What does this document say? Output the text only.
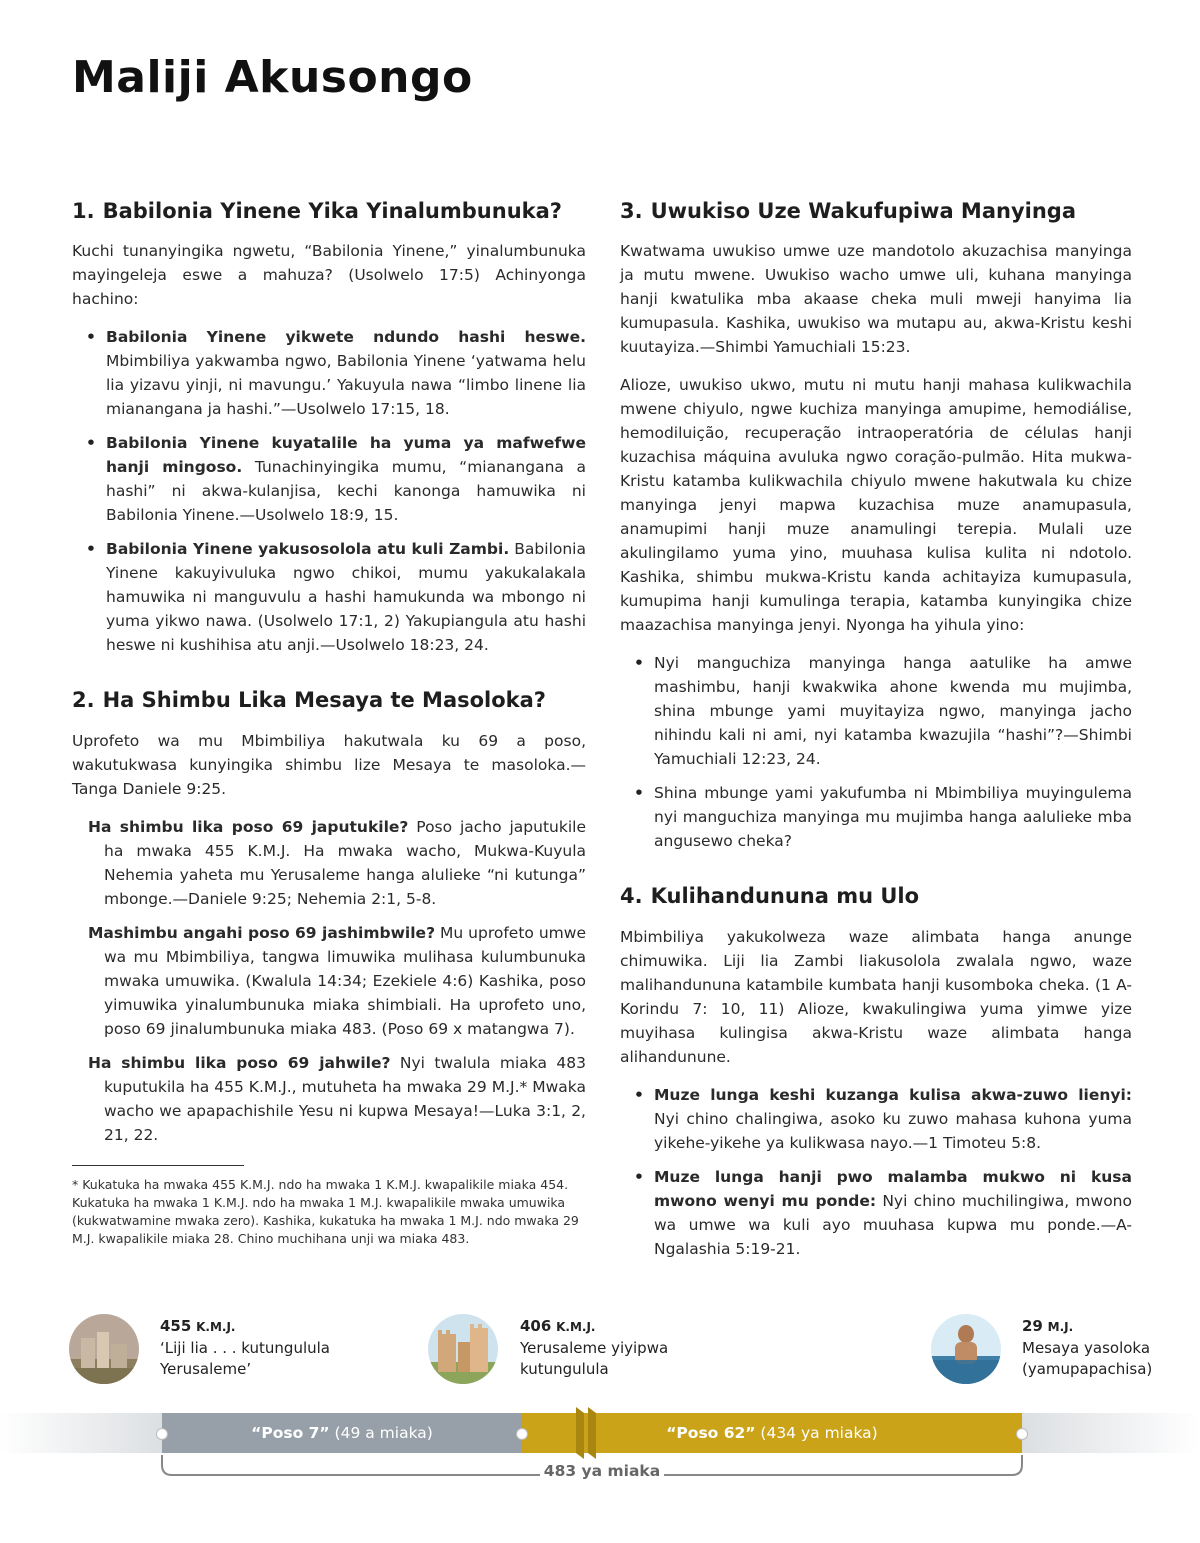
Maliji Akusongo
1. Babilonia Yinene Yika Yinalumbunuka?

Kuchi tunanyingika ngwetu, “Babilonia Yinene,” yinalumbunuka mayingeleja eswe a mahuza? (Usolwelo 17:5) Achinyonga hachino:

• Babilonia Yinene yikwete ndundo hashi heswe. Mbimbiliya yakwamba ngwo, Babilonia Yinene ‘yatwama helu lia yizavu yinji, ni mavungu.’ Yakuyula nawa “limbo linene lia mianangana ja hashi.”—Usolwelo 17:15, 18.
• Babilonia Yinene kuyatalile ha yuma ya mafwefwe hanji mingoso. Tunachinyingika mumu, “mianangana a hashi” ni akwa-kulanjisa, kechi kanonga hamuwika ni Babilonia Yinene.—Usolwelo 18:9, 15.
• Babilonia Yinene yakusosolola atu kuli Zambi. Babilonia Yinene kakuyivuluka ngwo chikoi, mumu yakukalakala hamuwika ni manguvulu a hashi hamukunda wa mbongo ni yuma yikwo nawa. (Usolwelo 17:1, 2) Yakupiangula atu hashi heswe ni kushihisa atu anji.—Usolwelo 18:23, 24.
2. Ha Shimbu Lika Mesaya te Masoloka?

Uprofeto wa mu Mbimbiliya hakutwala ku 69 a poso, wakutukwasa kunyingika shimbu lize Mesaya te masoloka.—Tanga Daniele 9:25.

Ha shimbu lika poso 69 japutukile? Poso jacho japutukile ha mwaka 455 K.M.J. Ha mwaka wacho, Mukwa-Kuyula Nehemia yaheta mu Yerusaleme hanga alulieke “ni kutunga” mbonge.—Daniele 9:25; Nehemia 2:1, 5-8.

Mashimbu angahi poso 69 jashimbwile? Mu uprofeto umwe wa mu Mbimbiliya, tangwa limuwika mulihasa kulumbunuka mwaka umuwika. (Kwalula 14:34; Ezekiele 4:6) Kashika, poso yimuwika yinalumbunuka miaka shimbiali. Ha uprofeto uno, poso 69 jinalumbunuka miaka 483. (Poso 69 x matangwa 7).

Ha shimbu lika poso 69 jahwile? Nyi twalula miaka 483 kuputukila ha 455 K.M.J., mutuheta ha mwaka 29 M.J.* Mwaka wacho we apapachishile Yesu ni kupwa Mesaya!—Luka 3:1, 2, 21, 22.

* Kukatuka ha mwaka 455 K.M.J. ndo ha mwaka 1 K.M.J. kwapalikile miaka 454. Kukatuka ha mwaka 1 K.M.J. ndo ha mwaka 1 M.J. kwapalikile mwaka umuwika (kukwatwamine mwaka zero). Kashika, kukatuka ha mwaka 1 M.J. ndo mwaka 29 M.J. kwapalikile miaka 28. Chino muchihana unji wa miaka 483.

3. Uwukiso Uze Wakufupiwa Manyinga

Kwatwama uwukiso umwe uze mandotolo akuzachisa manyinga ja mutu mwene. Uwukiso wacho umwe uli, kuhana manyinga hanji kwatulika mba akaase cheka muli mweji hanyima lia kumupasula. Kashika, uwukiso wa mutapu au, akwa-Kristu keshi kuutayiza.—Shimbi Yamuchiali 15:23.

Alioze, uwukiso ukwo, mutu ni mutu hanji mahasa kulikwachila mwene chiyulo, ngwe kuchiza manyinga amupime, hemodiálise, hemodiluição, recuperação intraoperatória de células hanji kuzachisa máquina avuluka ngwo coração-pulmão. Hita mukwa-Kristu katamba kulikwachila chiyulo mwene hakutwala ku chize manyinga jenyi mapwa kuzachisa muze anamupasula, anamupimi hanji muze anamulingi terepia. Mulali uze akulingilamo yuma yino, muuhasa kulisa kulita ni ndotolo. Kashika, shimbu mukwa-Kristu kanda achitayiza kumupasula, kumupima hanji kumulinga terapia, katamba kunyingika chize maazachisa manyinga jenyi. Nyonga ha yihula yino:

• Nyi manguchiza manyinga hanga aatulike ha amwe mashimbu, hanji kwakwika ahone kwenda mu mujimba, shina mbunge yami muyitayiza ngwo, manyinga jacho nihindu kali ni ami, nyi katamba kwazujila “hashi”?—Shimbi Yamuchiali 12:23, 24.
• Shina mbunge yami yakufumba ni Mbimbiliya muyingulema nyi manguchiza manyinga mu mujimba hanga aalulieke mba angusewo cheka?
4. Kulihandununa mu Ulo

Mbimbiliya yakukolweza waze alimbata hanga anunge chimuwika. Liji lia Zambi liakusolola zwalala ngwo, waze malihandununa katambile kumbata hanji kusomboka cheka. (1 A-Korindu 7: 10, 11) Alioze, kwakulingiwa yuma yimwe yize muyihasa kulingisa akwa-Kristu waze alimbata hanga alihandunune.

• Muze lunga keshi kuzanga kulisa akwa-zuwo lienyi: Nyi chino chalingiwa, asoko ku zuwo mahasa kuhona yuma yikehe-yikehe ya kulikwasa nayo.—1 Timoteu 5:8.
• Muze lunga hanji pwo malamba mukwo ni kusa mwono wenyi mu ponde: Nyi chino muchilingiwa, mwono wa umwe wa kuli ayo muuhasa kupwa mu ponde.—A-Ngalashia 5:19-21.
455 K.M.J.
‘Liji lia . . . kutungulula
Yerusaleme’
406 K.M.J.
Yerusaleme yiyipwa
kutungulula
29 M.J.
Mesaya yasoloka
(yamupapachisa)
“Poso 7” (49 a miaka)	“Poso 62” (434 ya miaka)
483 ya miaka
